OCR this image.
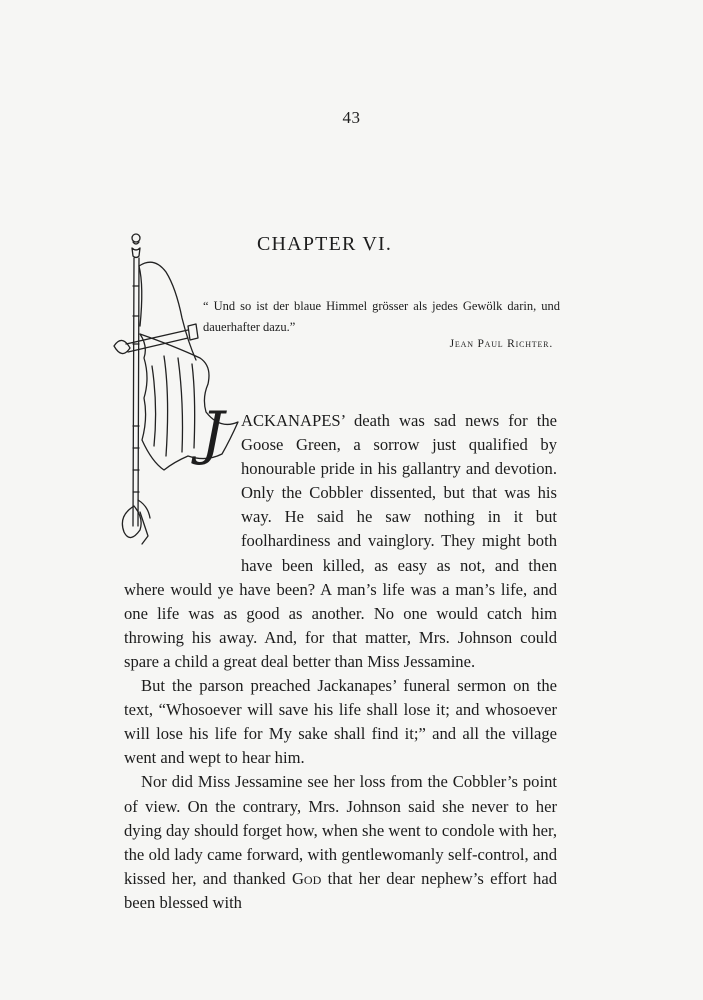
43
CHAPTER VI.
“ Und so ist der blaue Himmel grösser als jedes Gewölk darin, und dauerhafter dazu.”
Jean Paul Richter.
J	ACKANAPES’ death was sad news for the Goose Green, a sorrow just qualified by honourable pride in his gallantry and devotion. Only the Cobbler dissented, but that was his way. He said he saw nothing in it but foolhardiness and vainglory. They might both have been killed, as easy as not, and then where would ye have been? A man’s life was a man’s life, and one life was as good as another. No one would catch him throwing his away. And, for that matter, Mrs. Johnson could spare a child a great deal better than Miss Jessamine.

But the parson preached Jackanapes’ funeral sermon on the text, “Whosoever will save his life shall lose it; and whosoever will lose his life for My sake shall find it;” and all the village went and wept to hear him.

Nor did Miss Jessamine see her loss from the Cobbler’s point of view. On the contrary, Mrs. Johnson said she never to her dying day should forget how, when she went to condole with her, the old lady came forward, with gentlewomanly self-control, and kissed her, and thanked God that her dear nephew’s effort had been blessed with
